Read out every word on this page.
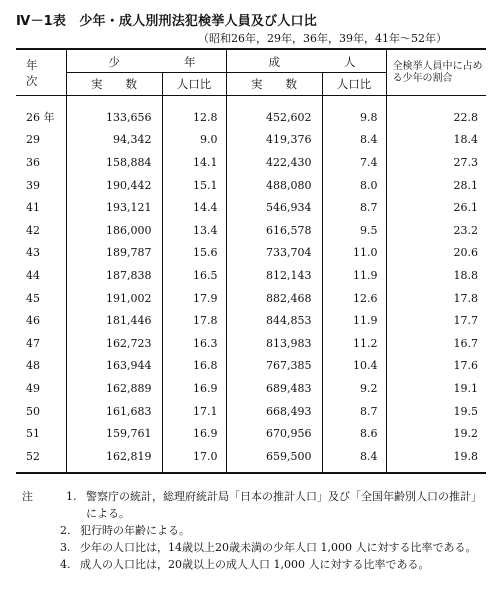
Ⅳ－1表　少年・成人別刑法犯検挙人員及び人口比
（昭和26年，29年，36年，39年，41年～52年）
年次	少 年		成 人		全検挙人員中に占める少年の割合
	実　　数	人口比	実　　数	人口比	
26 年	133,656	12.8	452,602	9.8	22.8
29	94,342	9.0	419,376	8.4	18.4
36	158,884	14.1	422,430	7.4	27.3
39	190,442	15.1	488,080	8.0	28.1
41	193,121	14.4	546,934	8.7	26.1
42	186,000	13.4	616,578	9.5	23.2
43	189,787	15.6	733,704	11.0	20.6
44	187,838	16.5	812,143	11.9	18.8
45	191,002	17.9	882,468	12.6	17.8
46	181,446	17.8	844,853	11.9	17.7
47	162,723	16.3	813,983	11.2	16.7
48	163,944	16.8	767,385	10.4	17.6
49	162,889	16.9	689,483	9.2	19.1
50	161,683	17.1	668,493	8.7	19.5
51	159,761	16.9	670,956	8.6	19.2
52	162,819	17.0	659,500	8.4	19.8
注	1. 警察庁の統計，総理府統計局「日本の推計人口」及び「全国年齢別人口の推計」による。
2. 犯行時の年齢による。
3. 少年の人口比は，14歳以上20歳未満の少年人口 1,000 人に対する比率である。
4. 成人の人口比は，20歳以上の成人人口 1,000 人に対する比率である。
